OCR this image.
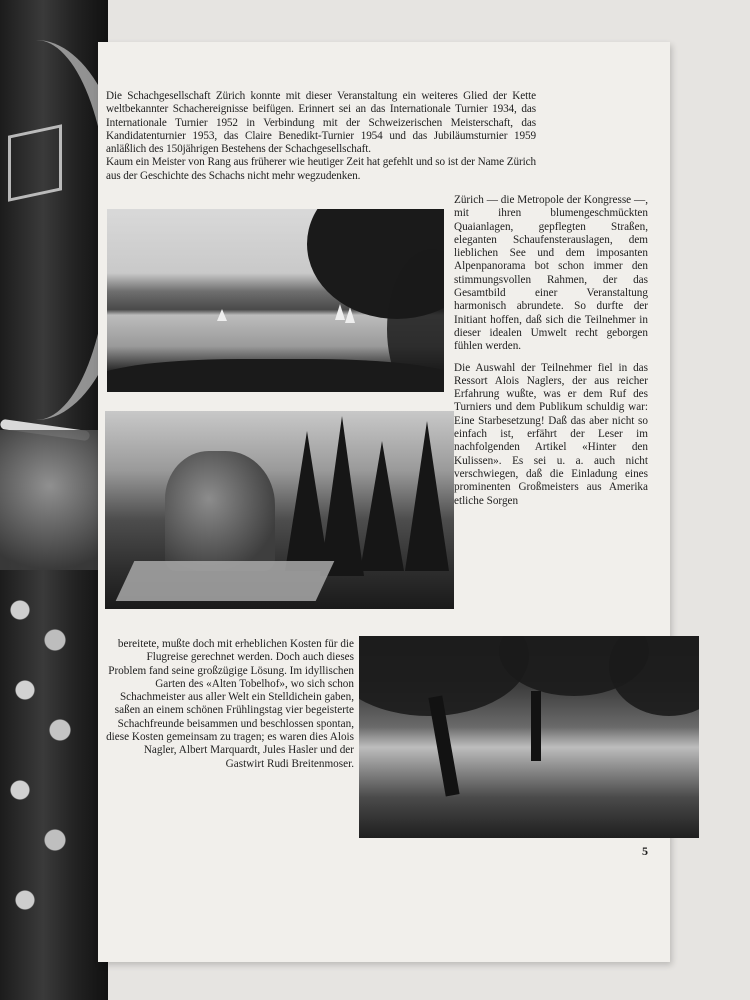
Die Schachgesellschaft Zürich konnte mit dieser Veranstaltung ein weiteres Glied der Kette weltbekannter Schachereignisse beifügen. Erinnert sei an das Internationale Turnier 1934, das Internationale Turnier 1952 in Verbindung mit der Schweizerischen Meisterschaft, das Kandidatenturnier 1953, das Claire Benedikt-Turnier 1954 und das Jubiläumsturnier 1959 anläßlich des 150jährigen Bestehens der Schachgesellschaft.
Kaum ein Meister von Rang aus früherer wie heutiger Zeit hat gefehlt und so ist der Name Zürich aus der Geschichte des Schachs nicht mehr wegzudenken.

Zürich — die Metropole der Kongresse —, mit ihren blumengeschmückten Quaianlagen, gepflegten Straßen, eleganten Schaufensterauslagen, dem lieblichen See und dem imposanten Alpenpanorama bot schon immer den stimmungsvollen Rahmen, der das Gesamtbild einer Veranstaltung harmonisch abrundete. So durfte der Initiant hoffen, daß sich die Teilnehmer in dieser idealen Umwelt recht geborgen fühlen werden.

Die Auswahl der Teilnehmer fiel in das Ressort Alois Naglers, der aus reicher Erfahrung wußte, was er dem Ruf des Turniers und dem Publikum schuldig war: Eine Starbesetzung! Daß das aber nicht so einfach ist, erfährt der Leser im nachfolgenden Artikel «Hinter den Kulissen». Es sei u. a. auch nicht verschwiegen, daß die Einladung eines prominenten Großmeisters aus Amerika etliche Sorgen

bereitete, mußte doch mit erheblichen Kosten für die Flugreise gerechnet werden. Doch auch dieses Problem fand seine großzügige Lösung. Im idyllischen Garten des «Alten Tobelhof», wo sich schon Schachmeister aus aller Welt ein Stelldichein gaben, saßen an einem schönen Frühlingstag vier begeisterte Schachfreunde beisammen und beschlossen spontan, diese Kosten gemeinsam zu tragen; es waren dies Alois Nagler, Albert Marquardt, Jules Hasler und der Gastwirt Rudi Breitenmoser.
5
